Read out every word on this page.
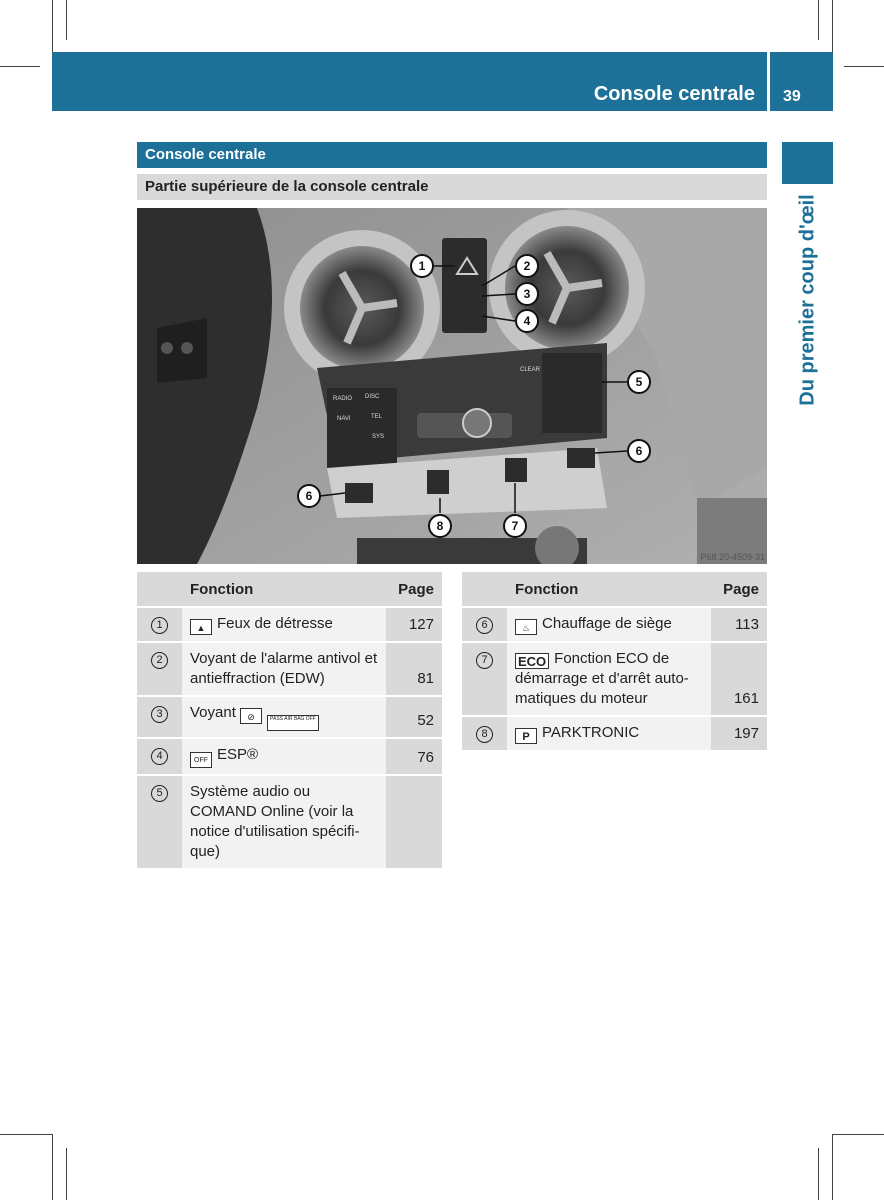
Console centrale 39
Du premier coup d'œil
Console centrale
Partie supérieure de la console centrale
RADIO DISC
NAVI	TEL
SYS
CLEAR
1	2
3
4
5
6
6
7
8
P68.20-4509-31
	Fonction	Page
1	▲ Feux de détresse	127
2	Voyant de l'alarme antivol et antieffraction (EDW)	81
3	Voyant ⊘ PASS AIR BAG OFF	52
4	OFF ESP®	76
5	Système audio ou COMAND Online (voir la notice d'utilisation spécifi-que)	
	Fonction	Page
6	♨ Chauffage de siège	113
7	ECO Fonction ECO de démarrage et d'arrêt auto-matiques du moteur	161
8	P PARKTRONIC	197
